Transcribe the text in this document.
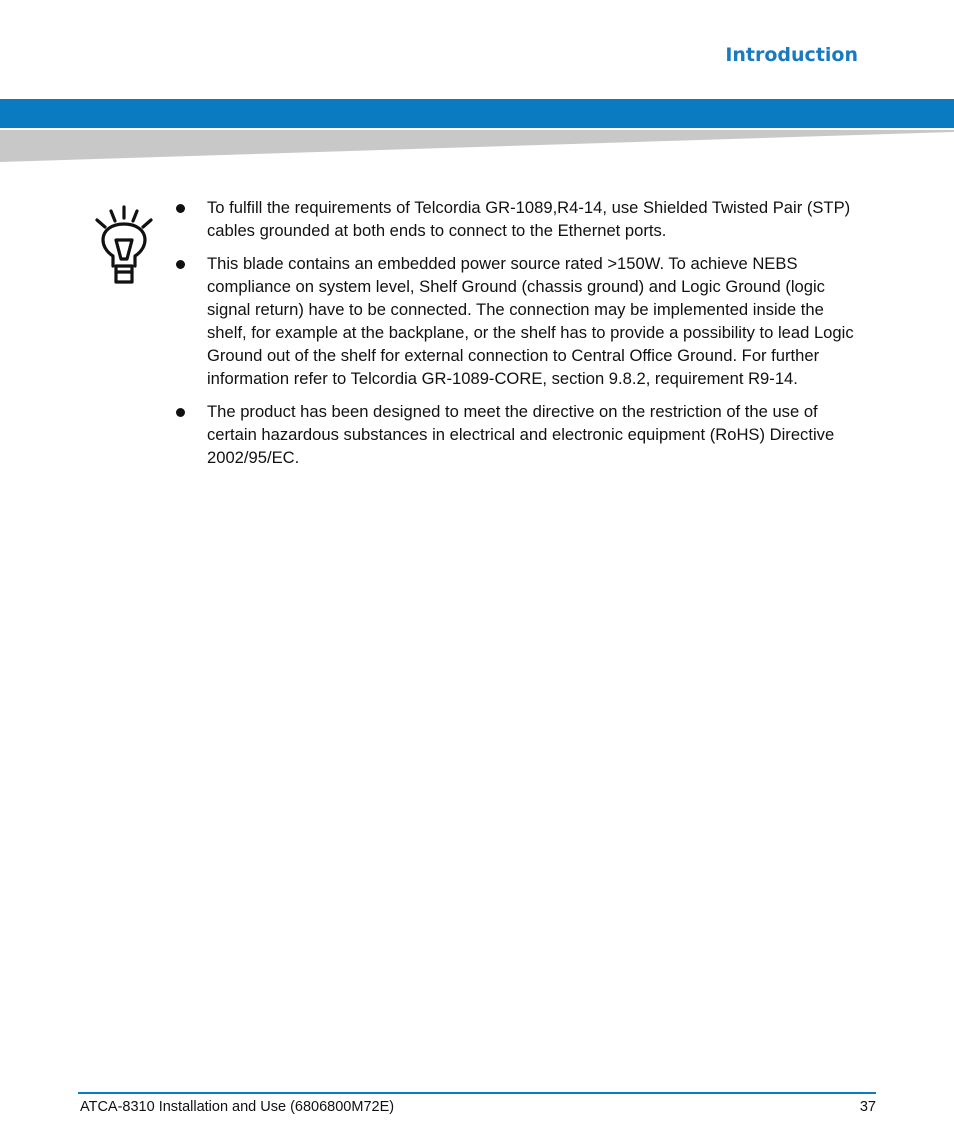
Introduction
To fulfill the requirements of Telcordia GR-1089,R4-14, use Shielded Twisted Pair (STP) cables grounded at both ends to connect to the Ethernet ports.
This blade contains an embedded power source rated >150W. To achieve NEBS compliance on system level, Shelf Ground (chassis ground) and Logic Ground (logic signal return) have to be connected. The connection may be implemented inside the shelf, for example at the backplane, or the shelf has to provide a possibility to lead Logic Ground out of the shelf for external connection to Central Office Ground. For further information refer to Telcordia GR-1089-CORE, section 9.8.2, requirement R9-14.
The product has been designed to meet the directive on the restriction of the use of certain hazardous substances in electrical and electronic equipment (RoHS) Directive 2002/95/EC.
ATCA-8310 Installation and Use (6806800M72E)	37
